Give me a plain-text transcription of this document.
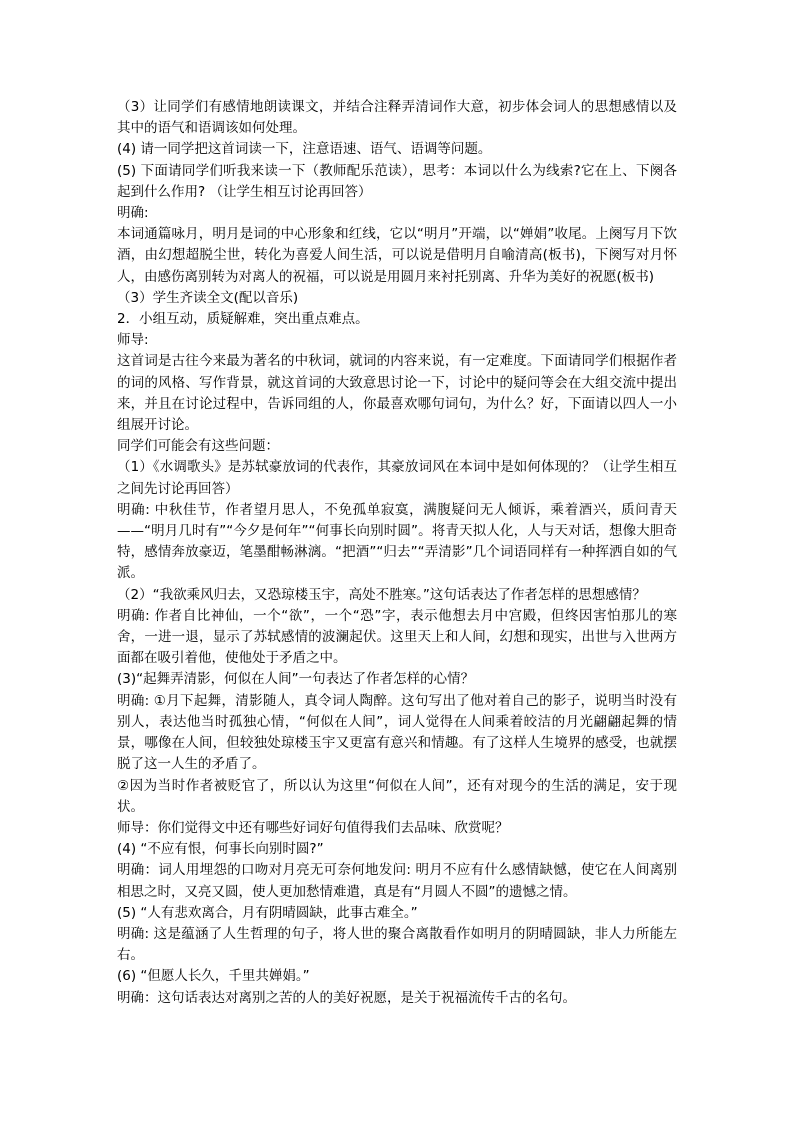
（3）让同学们有感情地朗读课文，并结合注释弄清词作大意，初步体会词人的思想感情以及其中的语气和语调该如何处理。

(4) 请一同学把这首词读一下，注意语速、语气、语调等问题。

(5) 下面请同学们听我来读一下（教师配乐范读），思考：本词以什么为线索?它在上、下阕各起到什么作用? （让学生相互讨论再回答）

明确:

本词通篇咏月，明月是词的中心形象和红线，它以“明月”开端，以“婵娟”收尾。上阕写月下饮酒，由幻想超脱尘世，转化为喜爱人间生活，可以说是借明月自喻清高(板书)，下阕写对月怀人，由感伤离别转为对离人的祝福，可以说是用圆月来衬托别离、升华为美好的祝愿(板书)

（3）学生齐读全文(配以音乐)

2．小组互动，质疑解难，突出重点难点。

师导:

这首词是古往今来最为著名的中秋词，就词的内容来说，有一定难度。下面请同学们根据作者的词的风格、写作背景，就这首词的大致意思讨论一下，讨论中的疑问等会在大组交流中提出来，并且在讨论过程中，告诉同组的人，你最喜欢哪句词句，为什么？好，下面请以四人一小组展开讨论。

同学们可能会有这些问题：

（1）《水调歌头》是苏轼豪放词的代表作，其豪放词风在本词中是如何体现的？（让学生相互之间先讨论再回答）

明确: 中秋佳节，作者望月思人，不免孤单寂寞，满腹疑问无人倾诉，乘着酒兴，质问青天——“明月几时有”“今夕是何年”“何事长向别时圆”。将青天拟人化，人与天对话，想像大胆奇特，感情奔放豪迈，笔墨酣畅淋漓。“把酒”“归去”“弄清影”几个词语同样有一种挥洒自如的气派。

（2）“我欲乘风归去，又恐琼楼玉宇，高处不胜寒。”这句话表达了作者怎样的思想感情？

明确: 作者自比神仙，一个“欲”，一个“恐”字，表示他想去月中宫殿，但终因害怕那儿的寒舍，一进一退，显示了苏轼感情的波澜起伏。这里天上和人间，幻想和现实，出世与入世两方面都在吸引着他，使他处于矛盾之中。

(3)“起舞弄清影，何似在人间”一句表达了作者怎样的心情？

明确: ①月下起舞，清影随人，真令词人陶醉。这句写出了他对着自己的影子，说明当时没有别人，表达他当时孤独心情，“何似在人间”，词人觉得在人间乘着皎洁的月光翩翩起舞的情景，哪像在人间，但较独处琼楼玉宇又更富有意兴和情趣。有了这样人生境界的感受，也就摆脱了这一人生的矛盾了。

②因为当时作者被贬官了，所以认为这里“何似在人间”，还有对现今的生活的满足，安于现状。

师导：你们觉得文中还有哪些好词好句值得我们去品味、欣赏呢？

(4) “不应有恨，何事长向别时圆?”

明确：词人用埋怨的口吻对月亮无可奈何地发问: 明月不应有什么感情缺憾，使它在人间离别相思之时，又亮又圆，使人更加愁情难遣，真是有“月圆人不圆”的遗憾之情。

(5) “人有悲欢离合，月有阴晴圆缺，此事古难全。”

明确: 这是蕴涵了人生哲理的句子，将人世的聚合离散看作如明月的阴晴圆缺，非人力所能左右。

(6) “但愿人长久，千里共婵娟。”

明确：这句话表达对离别之苦的人的美好祝愿，是关于祝福流传千古的名句。
